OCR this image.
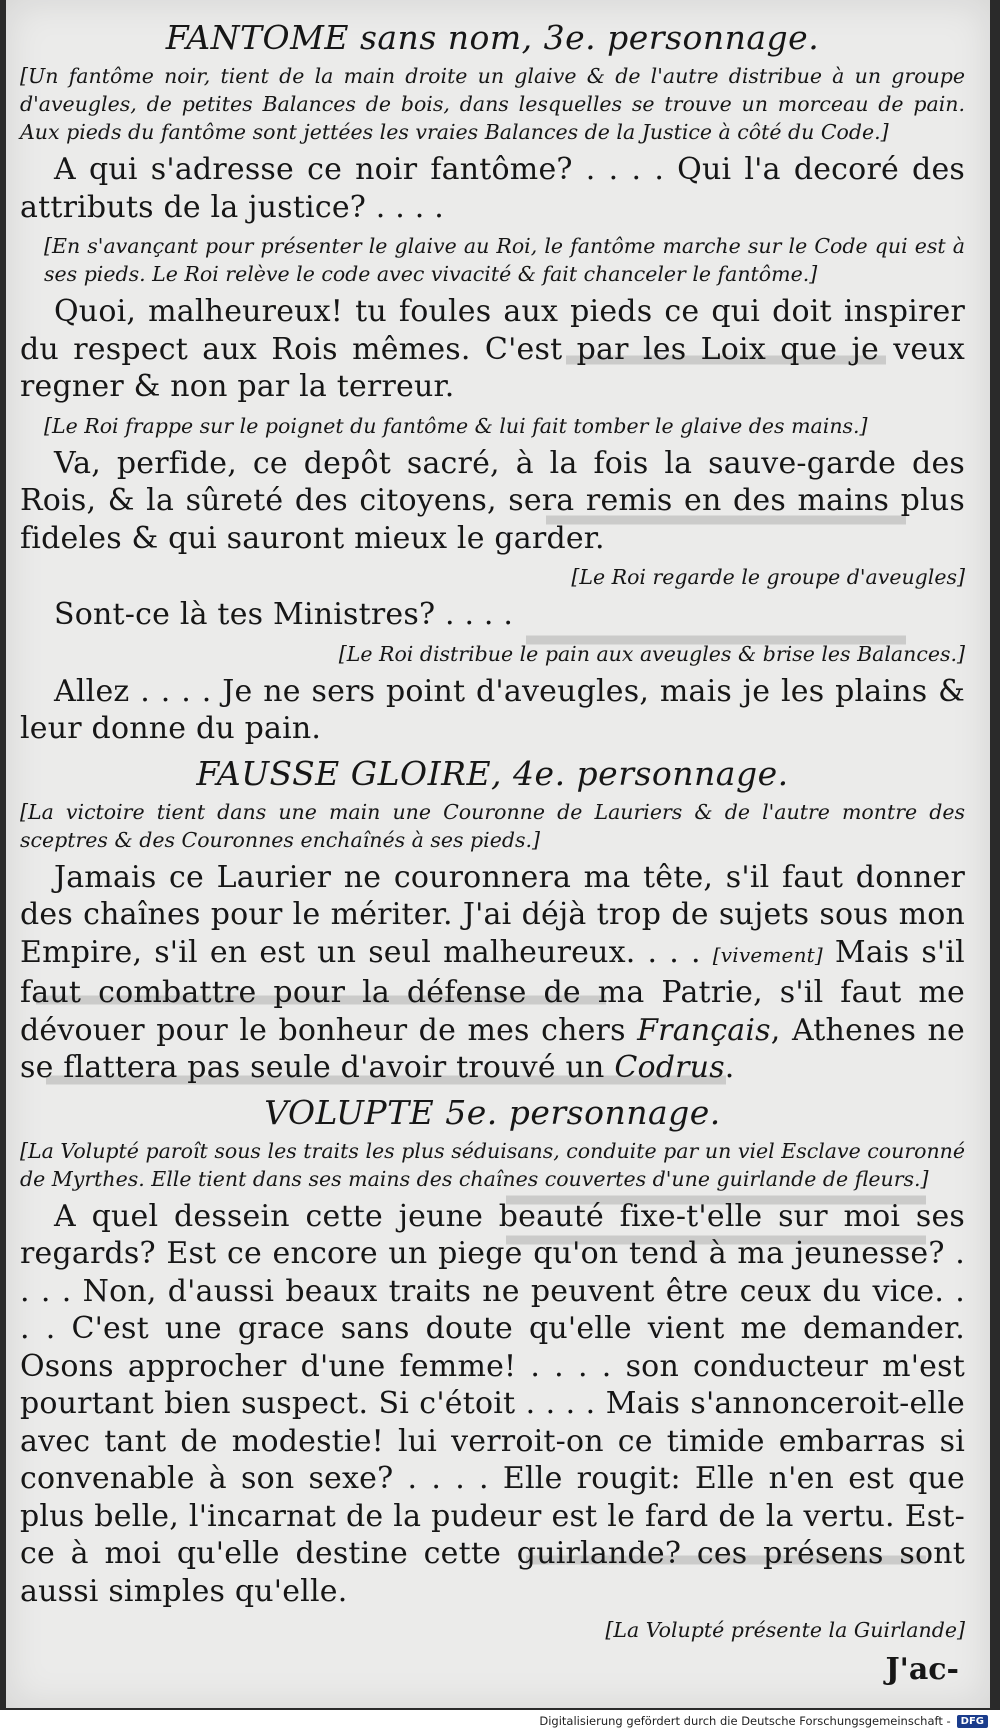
FANTOME sans nom, 3e. personnage.

[Un fantôme noir, tient de la main droite un glaive & de l'autre distribue à un groupe d'aveugles, de petites Balances de bois, dans lesquelles se trouve un morceau de pain. Aux pieds du fantôme sont jettées les vraies Balances de la Justice à côté du Code.]

A qui s'adresse ce noir fantôme? . . . . Qui l'a decoré des attributs de la justice? . . . .

[En s'avançant pour présenter le glaive au Roi, le fantôme marche sur le Code qui est à ses pieds. Le Roi relève le code avec vivacité & fait chanceler le fantôme.]

Quoi, malheureux! tu foules aux pieds ce qui doit inspirer du respect aux Rois mêmes. C'est par les Loix que je veux regner & non par la terreur.

[Le Roi frappe sur le poignet du fantôme & lui fait tomber le glaive des mains.]

Va, perfide, ce depôt sacré, à la fois la sauve-garde des Rois, & la sûreté des citoyens, sera remis en des mains plus fideles & qui sauront mieux le garder.

[Le Roi regarde le groupe d'aveugles]

Sont-ce là tes Ministres? . . . .

[Le Roi distribue le pain aux aveugles & brise les Balances.]

Allez . . . . Je ne sers point d'aveugles, mais je les plains & leur donne du pain.

FAUSSE GLOIRE, 4e. personnage.

[La victoire tient dans une main une Couronne de Lauriers & de l'autre montre des sceptres & des Couronnes enchaînés à ses pieds.]

Jamais ce Laurier ne couronnera ma tête, s'il faut donner des chaînes pour le mériter. J'ai déjà trop de sujets sous mon Empire, s'il en est un seul malheureux. . . . [vivement] Mais s'il faut combattre pour la défense de ma Patrie, s'il faut me dévouer pour le bonheur de mes chers Français, Athenes ne se flattera pas seule d'avoir trouvé un Codrus.

VOLUPTE 5e. personnage.

[La Volupté paroît sous les traits les plus séduisans, conduite par un viel Esclave couronné de Myrthes. Elle tient dans ses mains des chaînes couvertes d'une guirlande de fleurs.]

A quel dessein cette jeune beauté fixe-t'elle sur moi ses regards? Est ce encore un piege qu'on tend à ma jeunesse? . . . . Non, d'aussi beaux traits ne peuvent être ceux du vice. . . . C'est une grace sans doute qu'elle vient me demander. Osons approcher d'une femme! . . . . son conducteur m'est pourtant bien suspect. Si c'étoit . . . . Mais s'annonceroit-elle avec tant de modestie! lui verroit-on ce timide embarras si convenable à son sexe? . . . . Elle rougit: Elle n'en est que plus belle, l'incarnat de la pudeur est le fard de la vertu. Est-ce à moi qu'elle destine cette guirlande? ces présens sont aussi simples qu'elle.

[La Volupté présente la Guirlande]

J'ac-
Digitalisierung gefördert durch die Deutsche Forschungsgemeinschaft -	DFG
